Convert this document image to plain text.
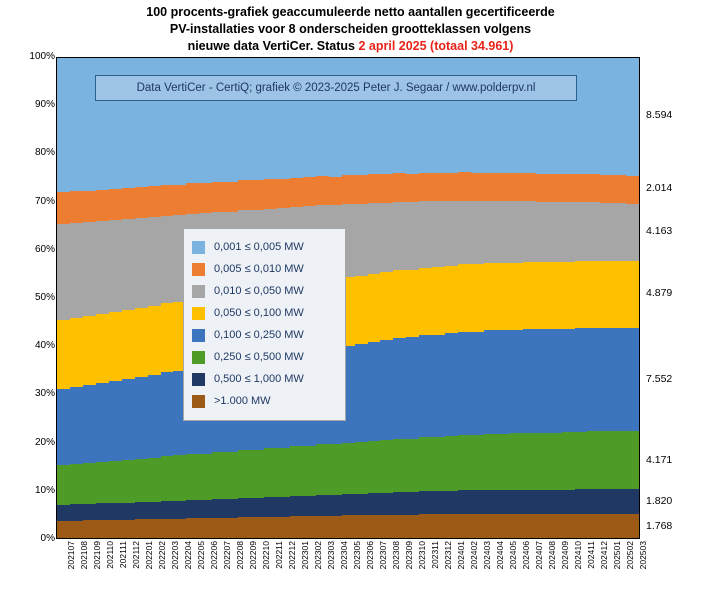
100 procents-grafiek geaccumuleerde netto aantallen gecertificeerde
PV-installaties voor 8 onderscheiden grootteklassen volgens
nieuwe data VertiCer. Status 2 april 2025 (totaal 34.961)
0%
10%
20%
30%
40%
50%
60%
70%
80%
90%
100%
202107 202108 202109 202110 202111 202112 202201 202202 202203 202204 202205 202206 202207 202208 202209 202210 202211 202212 202301 202302 202303 202304 202305 202306 202307 202308 202309 202310 202311 202312 202401 202402 202403 202404 202405 202406 202407 202408 202409 202410 202411 202412 202501 202502 202503
1.768
1.820
4.171
7.552
4.879
4.163
2.014
8.594
Data VertiCer - CertiQ; grafiek © 2023-2025 Peter J. Segaar / www.polderpv.nl
0,001 ≤ 0,005 MW
0,005 ≤ 0,010 MW
0,010 ≤ 0,050 MW
0,050 ≤ 0,100 MW
0,100 ≤ 0,250 MW
0,250 ≤ 0,500 MW
0,500 ≤ 1,000 MW
>1.000 MW
